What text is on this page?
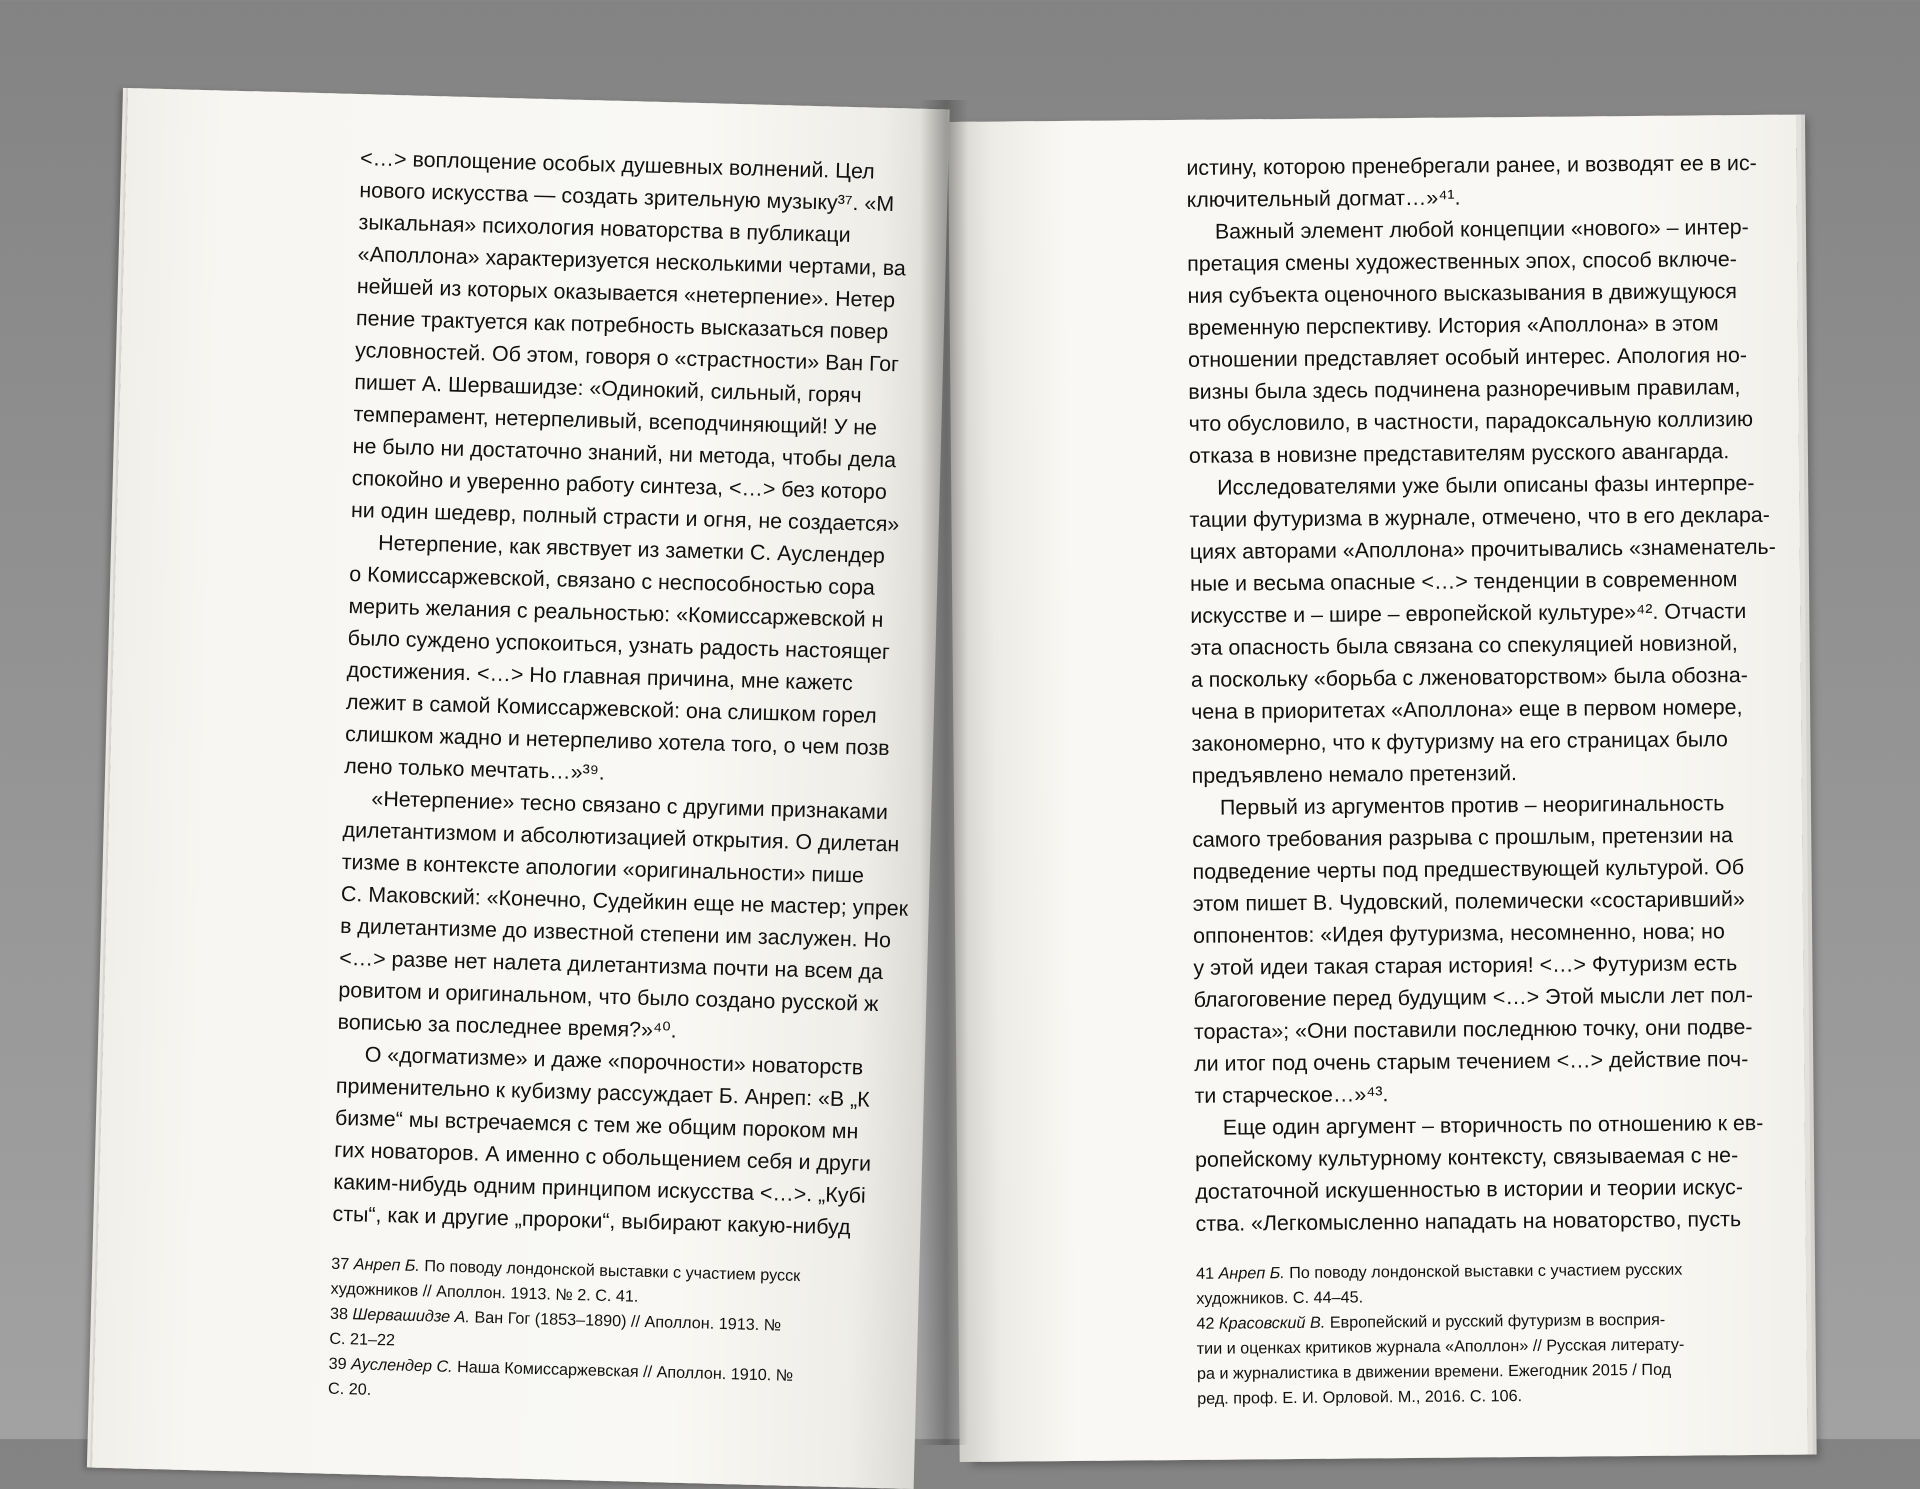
<…> воплощение особых душевных волнений. Цел

нового искусства — создать зрительную музыку³⁷. «М

зыкальная» психология новаторства в публикаци

«Аполлона» характеризуется несколькими чертами, ва

нейшей из которых оказывается «нетерпение». Нетер

пение трактуется как потребность высказаться повер

условностей. Об этом, говоря о «страстности» Ван Гог

пишет А. Шервашидзе: «Одинокий, сильный, горяч

темперамент, нетерпеливый, всеподчиняющий! У не

не было ни достаточно знаний, ни метода, чтобы дела

спокойно и уверенно работу синтеза, <…> без которо

ни один шедевр, полный страсти и огня, не создается»

Нетерпение, как явствует из заметки С. Ауслендер

о Комиссаржевской, связано с неспособностью сора

мерить желания с реальностью: «Комиссаржевской н

было суждено успокоиться, узнать радость настоящег

достижения. <…> Но главная причина, мне кажетс

лежит в самой Комиссаржевской: она слишком горел

слишком жадно и нетерпеливо хотела того, о чем позв

лено только мечтать…»³⁹.

«Нетерпение» тесно связано с другими признаками

дилетантизмом и абсолютизацией открытия. О дилетан

тизме в контексте апологии «оригинальности» пише

С. Маковский: «Конечно, Судейкин еще не мастер; упрек

в дилетантизме до известной степени им заслужен. Но

<…> разве нет налета дилетантизма почти на всем да

ровитом и оригинальном, что было создано русской ж

вописью за последнее время?»⁴⁰.

О «догматизме» и даже «порочности» новаторств

применительно к кубизму рассуждает Б. Анреп: «В „К

бизме“ мы встречаемся с тем же общим пороком мн

гих новаторов. А именно с обольщением себя и други

каким-нибудь одним принципом искусства <…>. „Кубі

сты“, как и другие „пророки“, выбирают какую-нибуд

37 Анреп Б. По поводу лондонской выставки с участием русск

художников // Аполлон. 1913. № 2. С. 41.

38 Шервашидзе А. Ван Гог (1853–1890) // Аполлон. 1913. №

С. 21–22

39 Ауслендер С. Наша Комиссаржевская // Аполлон. 1910. №

С. 20.

истину, которою пренебрегали ранее, и возводят ее в ис-

ключительный догмат…»⁴¹.

Важный элемент любой концепции «нового» – интер-

претация смены художественных эпох, способ включе-

ния субъекта оценочного высказывания в движущуюся

временную перспективу. История «Аполлона» в этом

отношении представляет особый интерес. Апология но-

визны была здесь подчинена разноречивым правилам,

что обусловило, в частности, парадоксальную коллизию

отказа в новизне представителям русского авангарда.

Исследователями уже были описаны фазы интерпре-

тации футуризма в журнале, отмечено, что в его деклара-

циях авторами «Аполлона» прочитывались «знаменатель-

ные и весьма опасные <…> тенденции в современном

искусстве и – шире – европейской культуре»⁴². Отчасти

эта опасность была связана со спекуляцией новизной,

а поскольку «борьба с лженоваторством» была обозна-

чена в приоритетах «Аполлона» еще в первом номере,

закономерно, что к футуризму на его страницах было

предъявлено немало претензий.

Первый из аргументов против – неоригинальность

самого требования разрыва с прошлым, претензии на

подведение черты под предшествующей культурой. Об

этом пишет В. Чудовский, полемически «состаривший»

оппонентов: «Идея футуризма, несомненно, нова; но

у этой идеи такая старая история! <…> Футуризм есть

благоговение перед будущим <…> Этой мысли лет пол-

тораста»; «Они поставили последнюю точку, они подве-

ли итог под очень старым течением <…> действие поч-

ти старческое…»⁴³.

Еще один аргумент – вторичность по отношению к ев-

ропейскому культурному контексту, связываемая с не-

достаточной искушенностью в истории и теории искус-

ства. «Легкомысленно нападать на новаторство, пусть

41 Анреп Б. По поводу лондонской выставки с участием русских

художников. С. 44–45.

42 Красовский В. Европейский и русский футуризм в восприя-

тии и оценках критиков журнала «Аполлон» // Русская литерату-

ра и журналистика в движении времени. Ежегодник 2015 / Под

ред. проф. Е. И. Орловой. М., 2016. С. 106.
